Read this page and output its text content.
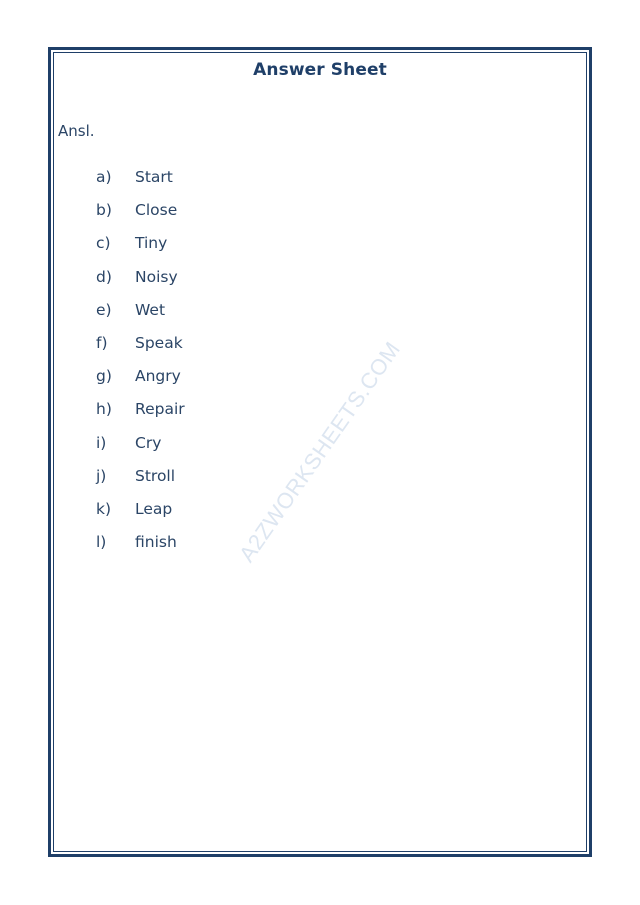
Answer Sheet
Ansl.
A2ZWORKSHEETS.COM
a)	Start
b)	Close
c)	Tiny
d)	Noisy
e)	Wet
f)	Speak
g)	Angry
h)	Repair
i)	Cry
j)	Stroll
k)	Leap
l)	finish
